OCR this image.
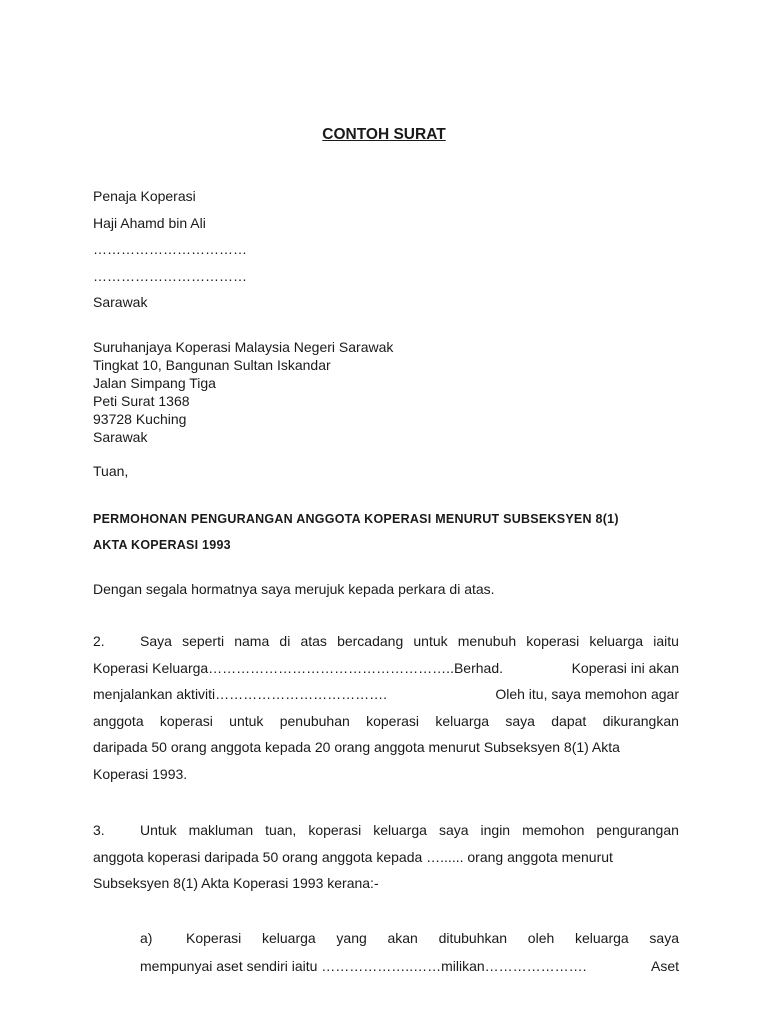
CONTOH SURAT
Penaja Koperasi
Haji Ahamd bin Ali
……………………………
……………………………
Sarawak
Suruhanjaya Koperasi Malaysia Negeri Sarawak
Tingkat 10, Bangunan Sultan Iskandar
Jalan Simpang Tiga
Peti Surat 1368
93728 Kuching
Sarawak
Tuan,
PERMOHONAN PENGURANGAN ANGGOTA KOPERASI MENURUT SUBSEKSYEN 8(1)
AKTA KOPERASI 1993
Dengan segala hormatnya saya merujuk kepada perkara di atas.
2.	Saya seperti nama di atas bercadang untuk menubuh koperasi keluarga iaitu
Koperasi Keluarga……………………………………………..Berhad.	Koperasi ini akan
menjalankan aktiviti……………………………….	Oleh itu, saya memohon agar
anggota koperasi untuk penubuhan koperasi keluarga saya dapat dikurangkan
daripada 50 orang anggota kepada 20 orang anggota menurut Subseksyen 8(1) Akta
Koperasi 1993.
3.	Untuk makluman tuan, koperasi keluarga saya ingin memohon pengurangan
anggota koperasi daripada 50 orang anggota kepada …...... orang anggota menurut
Subseksyen 8(1) Akta Koperasi 1993 kerana:-
a) Koperasi keluarga yang akan ditubuhkan oleh keluarga saya
mempunyai aset sendiri iaitu ………………..……milikan………………….	Aset
